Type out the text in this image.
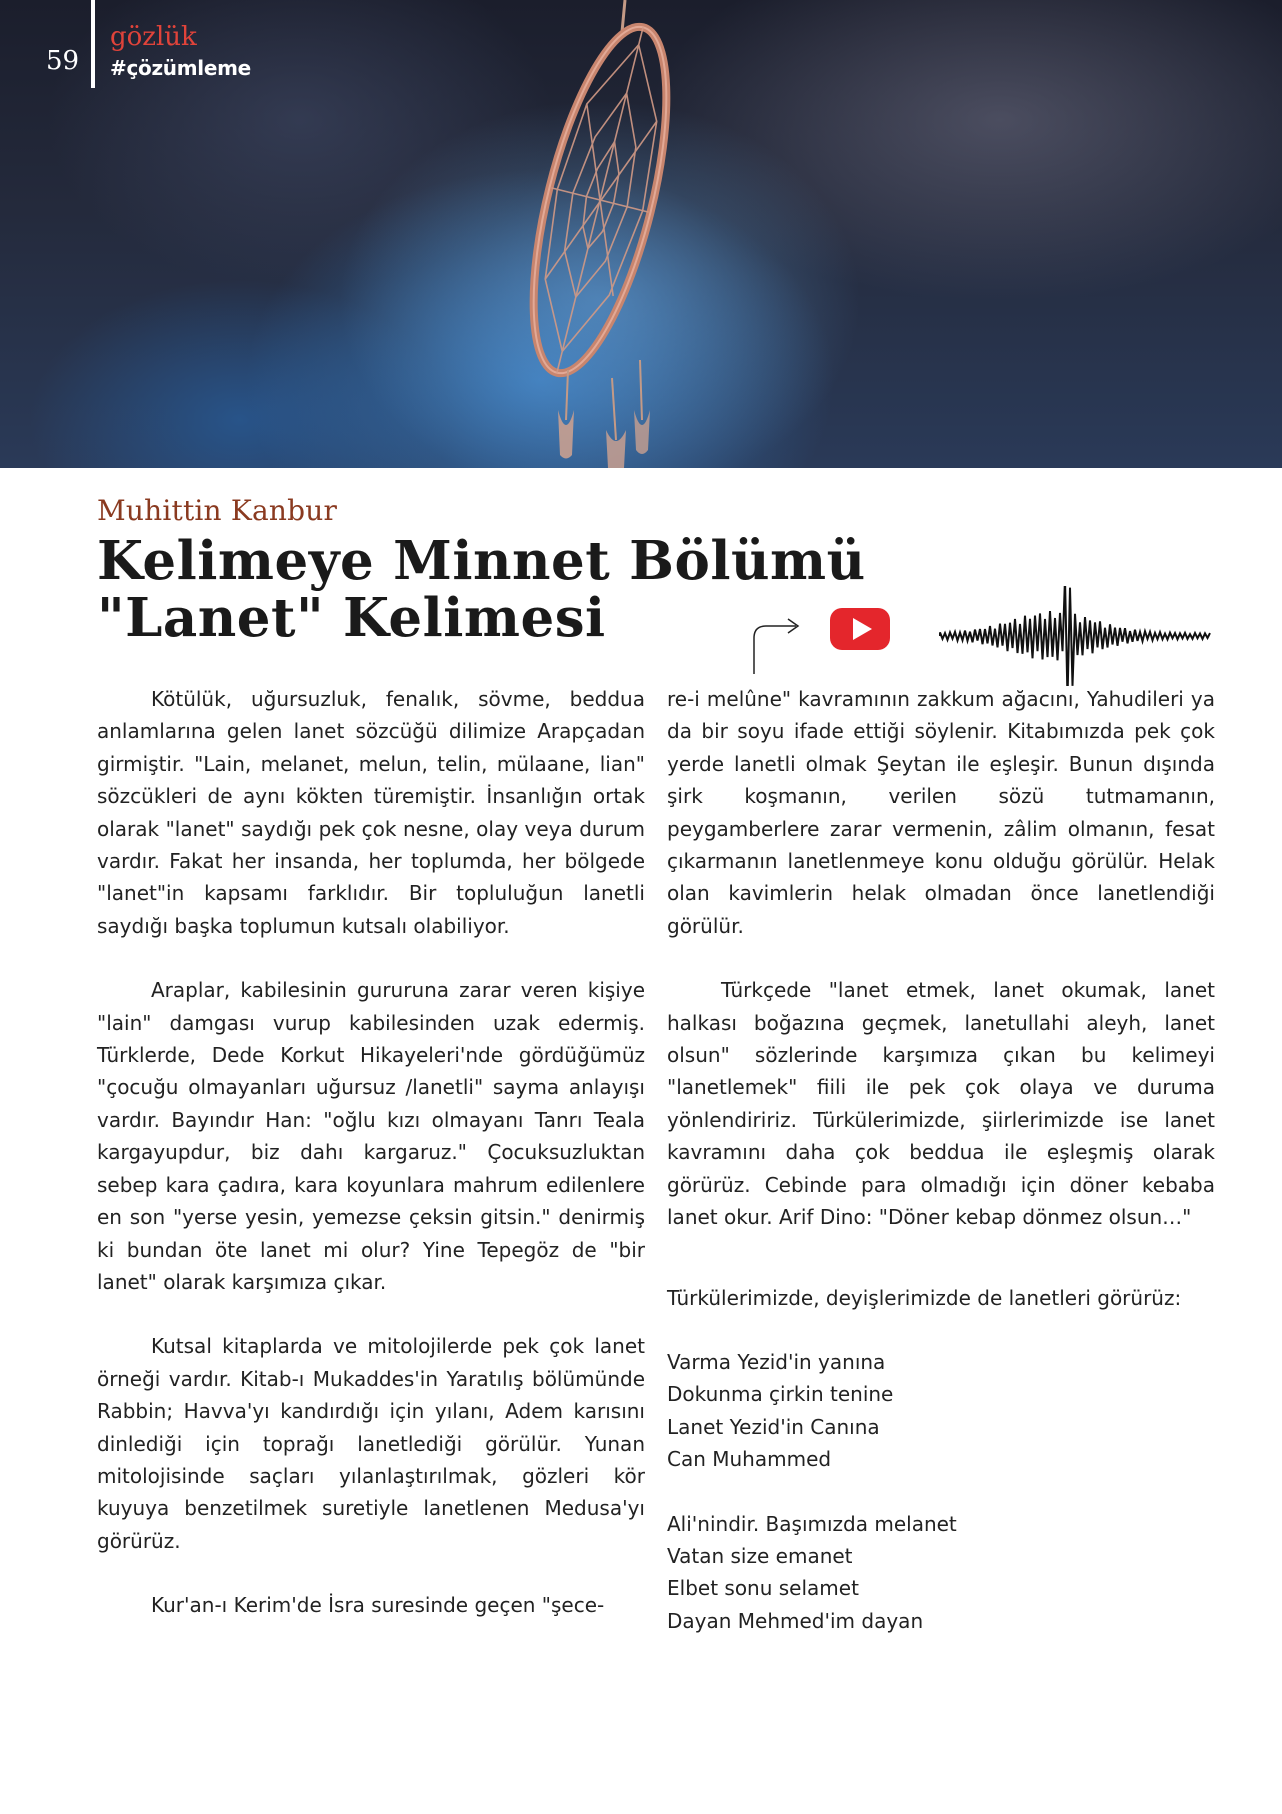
59
gözlük
#çözümleme
Muhittin Kanbur
Kelimeye Minnet Bölümü
"Lanet" Kelimesi

Kötülük, uğursuzluk, fenalık, sövme, beddua anlamlarına gelen lanet sözcüğü dilimize Arapçadan girmiştir. "Lain, melanet, melun, telin, mülaane, lian" sözcükleri de aynı kökten türemiştir. İnsanlığın ortak olarak "lanet" saydığı pek çok nesne, olay veya durum vardır. Fakat her insanda, her toplumda, her bölgede "lanet"in kapsamı farklıdır. Bir topluluğun lanetli saydığı başka toplumun kutsalı olabiliyor.

Araplar, kabilesinin gururuna zarar veren kişiye "lain" damgası vurup kabilesinden uzak edermiş. Türklerde, Dede Korkut Hikayeleri'nde gördüğümüz "çocuğu olmayanları uğursuz /lanetli" sayma anlayışı vardır. Bayındır Han: "oğlu kızı olmayanı Tanrı Teala kargayupdur, biz dahı kargaruz." Çocuksuzluktan sebep kara çadıra, kara koyunlara mahrum edilenlere en son "yerse yesin, yemezse çeksin gitsin." denirmiş ki bundan öte lanet mi olur? Yine Tepegöz de "bir lanet" olarak karşımıza çıkar.

Kutsal kitaplarda ve mitolojilerde pek çok lanet örneği vardır. Kitab-ı Mukaddes'in Yaratılış bölümünde Rabbin; Havva'yı kandırdığı için yılanı, Adem karısını dinlediği için toprağı lanetlediği görülür. Yunan mitolojisinde saçları yılanlaştırılmak, gözleri kör kuyuya benzetilmek suretiyle lanetlenen Medusa'yı görürüz.

Kur'an-ı Kerim'de İsra suresinde geçen "şece-

re-i melûne" kavramının zakkum ağacını, Yahudileri ya da bir soyu ifade ettiği söylenir. Kitabımızda pek çok yerde lanetli olmak Şeytan ile eşleşir. Bunun dışında şirk koşmanın, verilen sözü tutmamanın, peygamberlere zarar vermenin, zâlim olmanın, fesat çıkarmanın lanetlenmeye konu olduğu görülür. Helak olan kavimlerin helak olmadan önce lanetlendiği görülür.

Türkçede "lanet etmek, lanet okumak, lanet halkası boğazına geçmek, lanetullahi aleyh, lanet olsun" sözlerinde karşımıza çıkan bu kelimeyi "lanetlemek" fiili ile pek çok olaya ve duruma yönlendiririz. Türkülerimizde, şiirlerimizde ise lanet kavramını daha çok beddua ile eşleşmiş olarak görürüz. Cebinde para olmadığı için döner kebaba lanet okur. Arif Dino: "Döner kebap dönmez olsun…"

Türkülerimizde, deyişlerimizde de lanetleri görürüz:

Varma Yezid'in yanına

Dokunma çirkin tenine

Lanet Yezid'in Canına

Can Muhammed

Ali'nindir. Başımızda melanet

Vatan size emanet

Elbet sonu selamet

Dayan Mehmed'im dayan
